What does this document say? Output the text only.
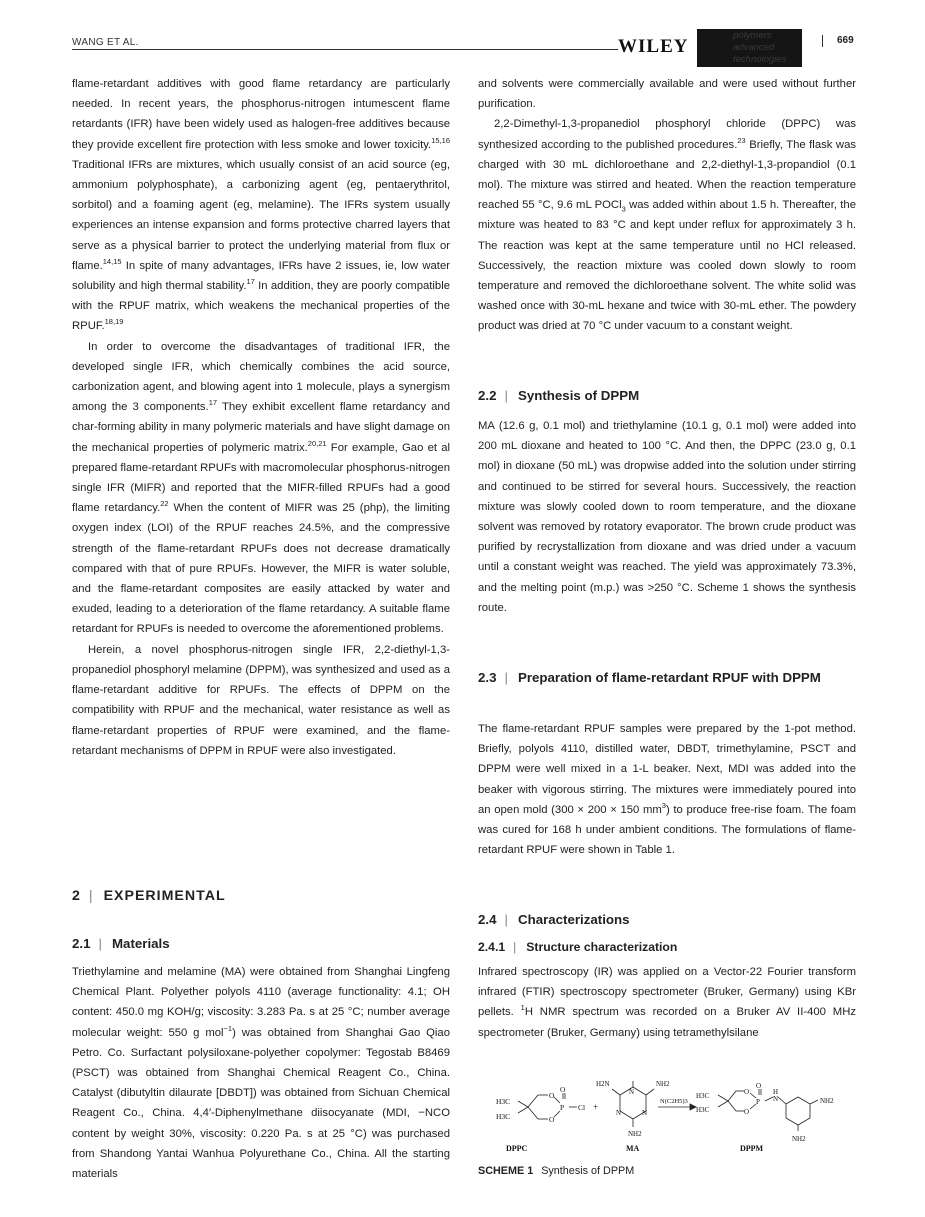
WANG ET AL.	WILEY
polymers
advanced
technologies
669

flame-retardant additives with good flame retardancy are particularly needed. In recent years, the phosphorus-nitrogen intumescent flame retardants (IFR) have been widely used as halogen-free additives because they provide excellent fire protection with less smoke and lower toxicity.$^{15,16}$ Traditional IFRs are mixtures, which usually consist of an acid source (eg, ammonium polyphosphate), a carbonizing agent (eg, pentaerythritol, sorbitol) and a foaming agent (eg, melamine). The IFRs system usually experiences an intense expansion and forms protective charred layers that serve as a physical barrier to protect the underlying material from flux or flame.$^{14,15}$ In spite of many advantages, IFRs have 2 issues, ie, low water solubility and high thermal stability.$^{17}$ In addition, they are poorly compatible with the RPUF matrix, which weakens the mechanical properties of the RPUF.$^{18,19}$

In order to overcome the disadvantages of traditional IFR, the developed single IFR, which chemically combines the acid source, carbonization agent, and blowing agent into 1 molecule, plays a synergism among the 3 components.$^{17}$ They exhibit excellent flame retardancy and char-forming ability in many polymeric materials and have slight damage on the mechanical properties of polymeric matrix.$^{20,21}$ For example, Gao et al prepared flame-retardant RPUFs with macromolecular phosphorus-nitrogen single IFR (MIFR) and reported that the MIFR-filled RPUFs had a good flame retardancy.$^{22}$ When the content of MIFR was 25 (php), the limiting oxygen index (LOI) of the RPUF reaches 24.5%, and the compressive strength of the flame-retardant RPUFs does not decrease dramatically compared with that of pure RPUFs. However, the MIFR is water soluble, and the flame-retardant composites are easily attacked by water and exuded, leading to a deterioration of the flame retardancy. A suitable flame retardant for RPUFs is needed to overcome the aforementioned problems.

Herein, a novel phosphorus-nitrogen single IFR, 2,2-diethyl-1,3-propanediol phosphoryl melamine (DPPM), was synthesized and used as a flame-retardant additive for RPUFs. The effects of DPPM on the compatibility with RPUF and the mechanical, water resistance as well as flame-retardant properties of RPUF were examined, and the flame-retardant mechanisms of DPPM in RPUF were also investigated.

2 | EXPERIMENTAL

2.1 | Materials

Triethylamine and melamine (MA) were obtained from Shanghai Lingfeng Chemical Plant. Polyether polyols 4110 (average functionality: 4.1; OH content: 450.0 mg KOH/g; viscosity: 3.283 Pa. s at 25 °C; number average molecular weight: 550 g mol$^{-1}$) was obtained from Shanghai Gao Qiao Petro. Co. Surfactant polysiloxane-polyether copolymer: Tegostab B8469 (PSCT) was obtained from Shanghai Chemical Reagent Co., China. Catalyst (dibutyltin dilaurate [DBDT]) was obtained from Sichuan Chemical Reagent Co., China. 4,4′-Diphenylmethane diisocyanate (MDI, −NCO content by weight 30%, viscosity: 0.220 Pa. s at 25 °C) was purchased from Shandong Yantai Wanhua Polyurethane Co., China. All the starting materials

and solvents were commercially available and were used without further purification.

2,2-Dimethyl-1,3-propanediol phosphoryl chloride (DPPC) was synthesized according to the published procedures.$^{23}$ Briefly, The flask was charged with 30 mL dichloroethane and 2,2-diethyl-1,3-propandiol (0.1 mol). The mixture was stirred and heated. When the reaction temperature reached 55 °C, 9.6 mL POCl$_3$ was added within about 1.5 h. Thereafter, the mixture was heated to 83 °C and kept under reflux for approximately 3 h. The reaction was kept at the same temperature until no HCl released. Successively, the reaction mixture was cooled down slowly to room temperature and removed the dichloroethane solvent. The white solid was washed once with 30-mL hexane and twice with 30-mL ether. The powdery product was dried at 70 °C under vacuum to a constant weight.

2.2 | Synthesis of DPPM

MA (12.6 g, 0.1 mol) and triethylamine (10.1 g, 0.1 mol) were added into 200 mL dioxane and heated to 100 °C. And then, the DPPC (23.0 g, 0.1 mol) in dioxane (50 mL) was dropwise added into the solution under stirring and continued to be stirred for several hours. Successively, the reaction mixture was slowly cooled down to room temperature, and the dioxane solvent was removed by rotatory evaporator. The brown crude product was purified by recrystallization from dioxane and was dried under a vacuum until a constant weight was reached. The yield was approximately 73.3%, and the melting point (m.p.) was >250 °C. Scheme 1 shows the synthesis route.

2.3 | Preparation of flame-retardant RPUF with DPPM

The flame-retardant RPUF samples were prepared by the 1-pot method. Briefly, polyols 4110, distilled water, DBDT, trimethylamine, PSCT and DPPM were well mixed in a 1-L beaker. Next, MDI was added into the beaker with vigorous stirring. The mixtures were immediately poured into an open mold (300 × 200 × 150 $mm^3$) to produce free-rise foam. The foam was cured for 168 h under ambient conditions. The formulations of flame-retardant RPUF were shown in Table 1.

2.4 | Characterizations

2.4.1 | Structure characterization

Infrared spectroscopy (IR) was applied on a Vector-22 Fourier transform infrared (FTIR) spectroscopy spectrometer (Bruker, Germany) using KBr pellets. $^1$H NMR spectrum was recorded on a Bruker AV II-400 MHz spectrometer (Bruker, Germany) using tetramethylsilane

H3C
H3C
O
O
P
O
Cl +
H2N	NH2
NH2
N
N	N
N(C2H5)3
H3C
H3C
O
O
P
O
H
N	NH2
NH2
DPPC	MA	DPPM
SCHEME 1 Synthesis of DPPM
